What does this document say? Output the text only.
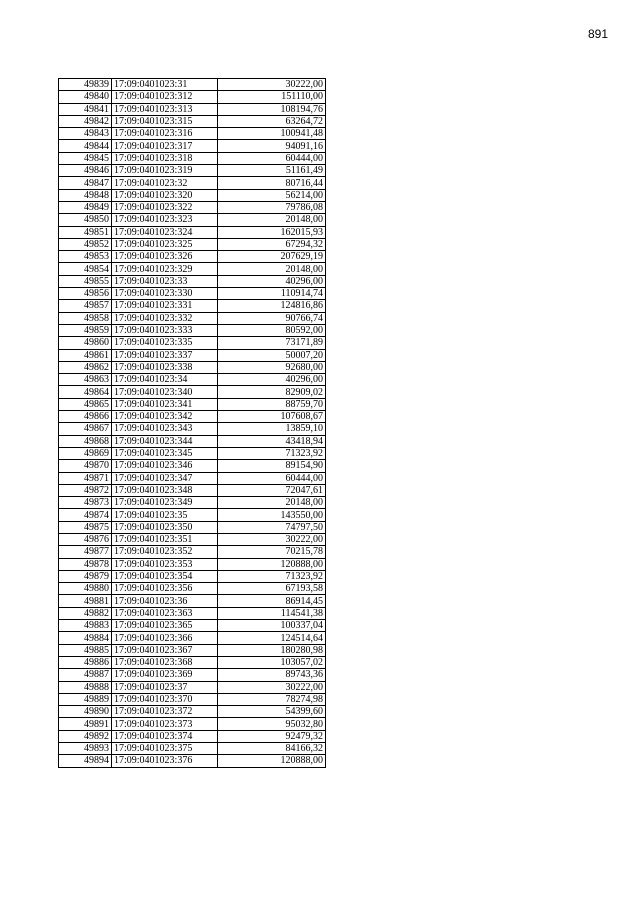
891
49839	17:09:0401023:31	30222,00
49840	17:09:0401023:312	151110,00
49841	17:09:0401023:313	108194,76
49842	17:09:0401023:315	63264,72
49843	17:09:0401023:316	100941,48
49844	17:09:0401023:317	94091,16
49845	17:09:0401023:318	60444,00
49846	17:09:0401023:319	51161,49
49847	17:09:0401023:32	80716,44
49848	17:09:0401023:320	56214,00
49849	17:09:0401023:322	79786,08
49850	17:09:0401023:323	20148,00
49851	17:09:0401023:324	162015,93
49852	17:09:0401023:325	67294,32
49853	17:09:0401023:326	207629,19
49854	17:09:0401023:329	20148,00
49855	17:09:0401023:33	40296,00
49856	17:09:0401023:330	110914,74
49857	17:09:0401023:331	124816,86
49858	17:09:0401023:332	90766,74
49859	17:09:0401023:333	80592,00
49860	17:09:0401023:335	73171,89
49861	17:09:0401023:337	50007,20
49862	17:09:0401023:338	92680,00
49863	17:09:0401023:34	40296,00
49864	17:09:0401023:340	82909,02
49865	17:09:0401023:341	88759,70
49866	17:09:0401023:342	107608,67
49867	17:09:0401023:343	13859,10
49868	17:09:0401023:344	43418,94
49869	17:09:0401023:345	71323,92
49870	17:09:0401023:346	89154,90
49871	17:09:0401023:347	60444,00
49872	17:09:0401023:348	72047,61
49873	17:09:0401023:349	20148,00
49874	17:09:0401023:35	143550,00
49875	17:09:0401023:350	74797,50
49876	17:09:0401023:351	30222,00
49877	17:09:0401023:352	70215,78
49878	17:09:0401023:353	120888,00
49879	17:09:0401023:354	71323,92
49880	17:09:0401023:356	67193,58
49881	17:09:0401023:36	86914,45
49882	17:09:0401023:363	114541,38
49883	17:09:0401023:365	100337,04
49884	17:09:0401023:366	124514,64
49885	17:09:0401023:367	180280,98
49886	17:09:0401023:368	103057,02
49887	17:09:0401023:369	89743,36
49888	17:09:0401023:37	30222,00
49889	17:09:0401023:370	78274,98
49890	17:09:0401023:372	54399,60
49891	17:09:0401023:373	95032,80
49892	17:09:0401023:374	92479,32
49893	17:09:0401023:375	84166,32
49894	17:09:0401023:376	120888,00
